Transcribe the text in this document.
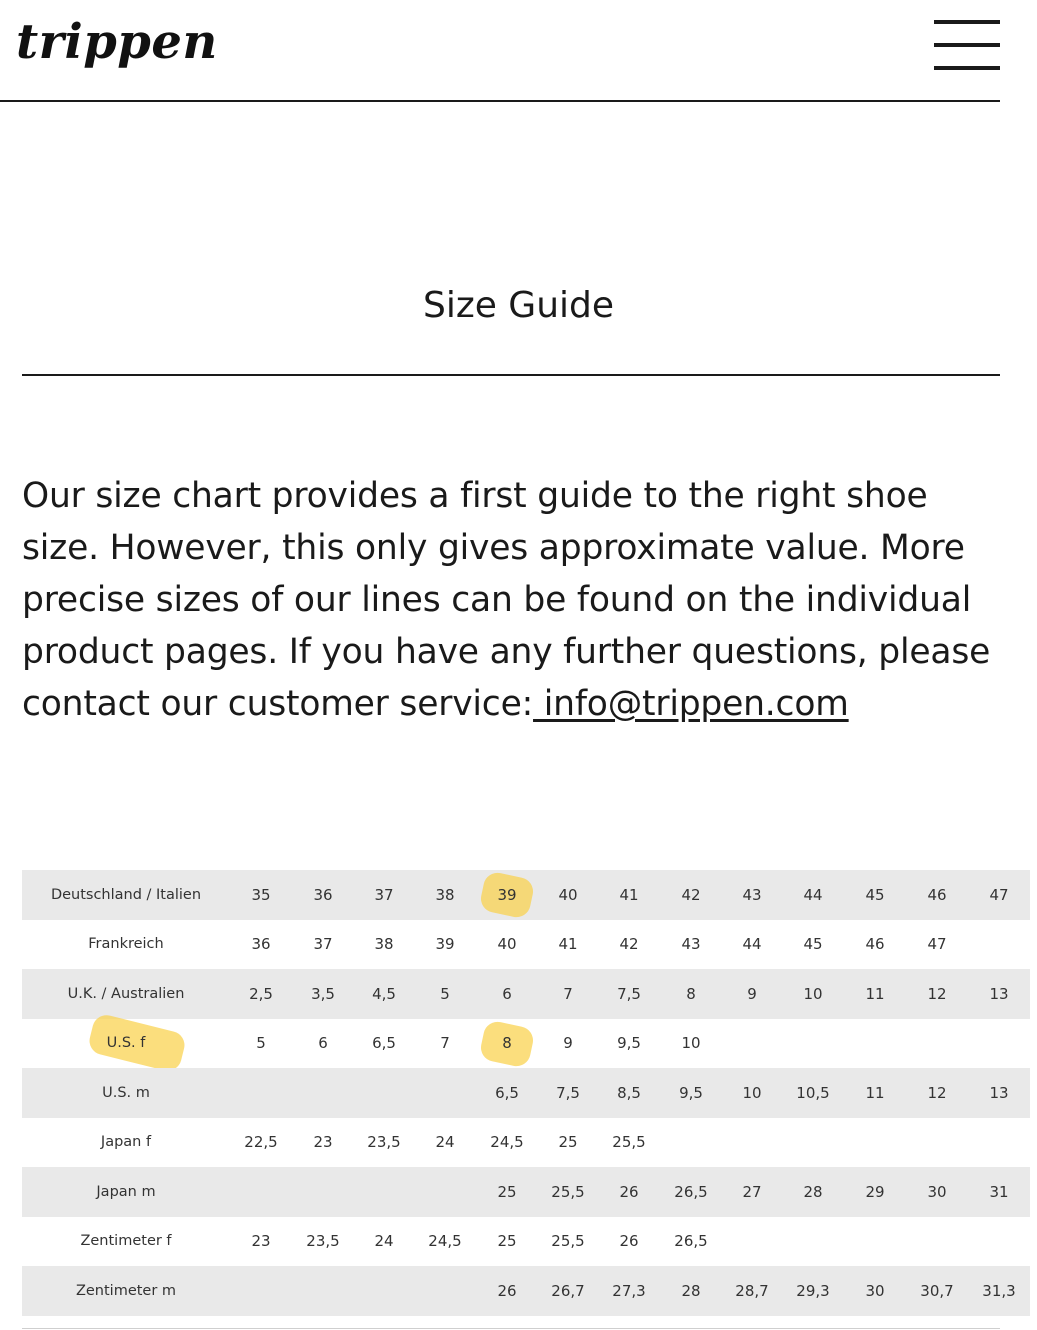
trippen
Size Guide

Our size chart provides a first guide to the right shoe size. However, this only gives approximate value. More precise sizes of our lines can be found on the individual product pages. If you have any further questions, please contact our customer service: info@trippen.com

Deutschland / Italien	35	36	37	38	39	40	41	42	43	44	45	46	47
Frankreich	36	37	38	39	40	41	42	43	44	45	46	47	
U.K. / Australien	2,5	3,5	4,5	5	6	7	7,5	8	9	10	11	12	13
U.S. f	5	6	6,5	7	8	9	9,5	10					
U.S. m					6,5	7,5	8,5	9,5	10	10,5	11	12	13
Japan f	22,5	23	23,5	24	24,5	25	25,5						
Japan m					25	25,5	26	26,5	27	28	29	30	31
Zentimeter f	23	23,5	24	24,5	25	25,5	26	26,5					
Zentimeter m					26	26,7	27,3	28	28,7	29,3	30	30,7	31,3
